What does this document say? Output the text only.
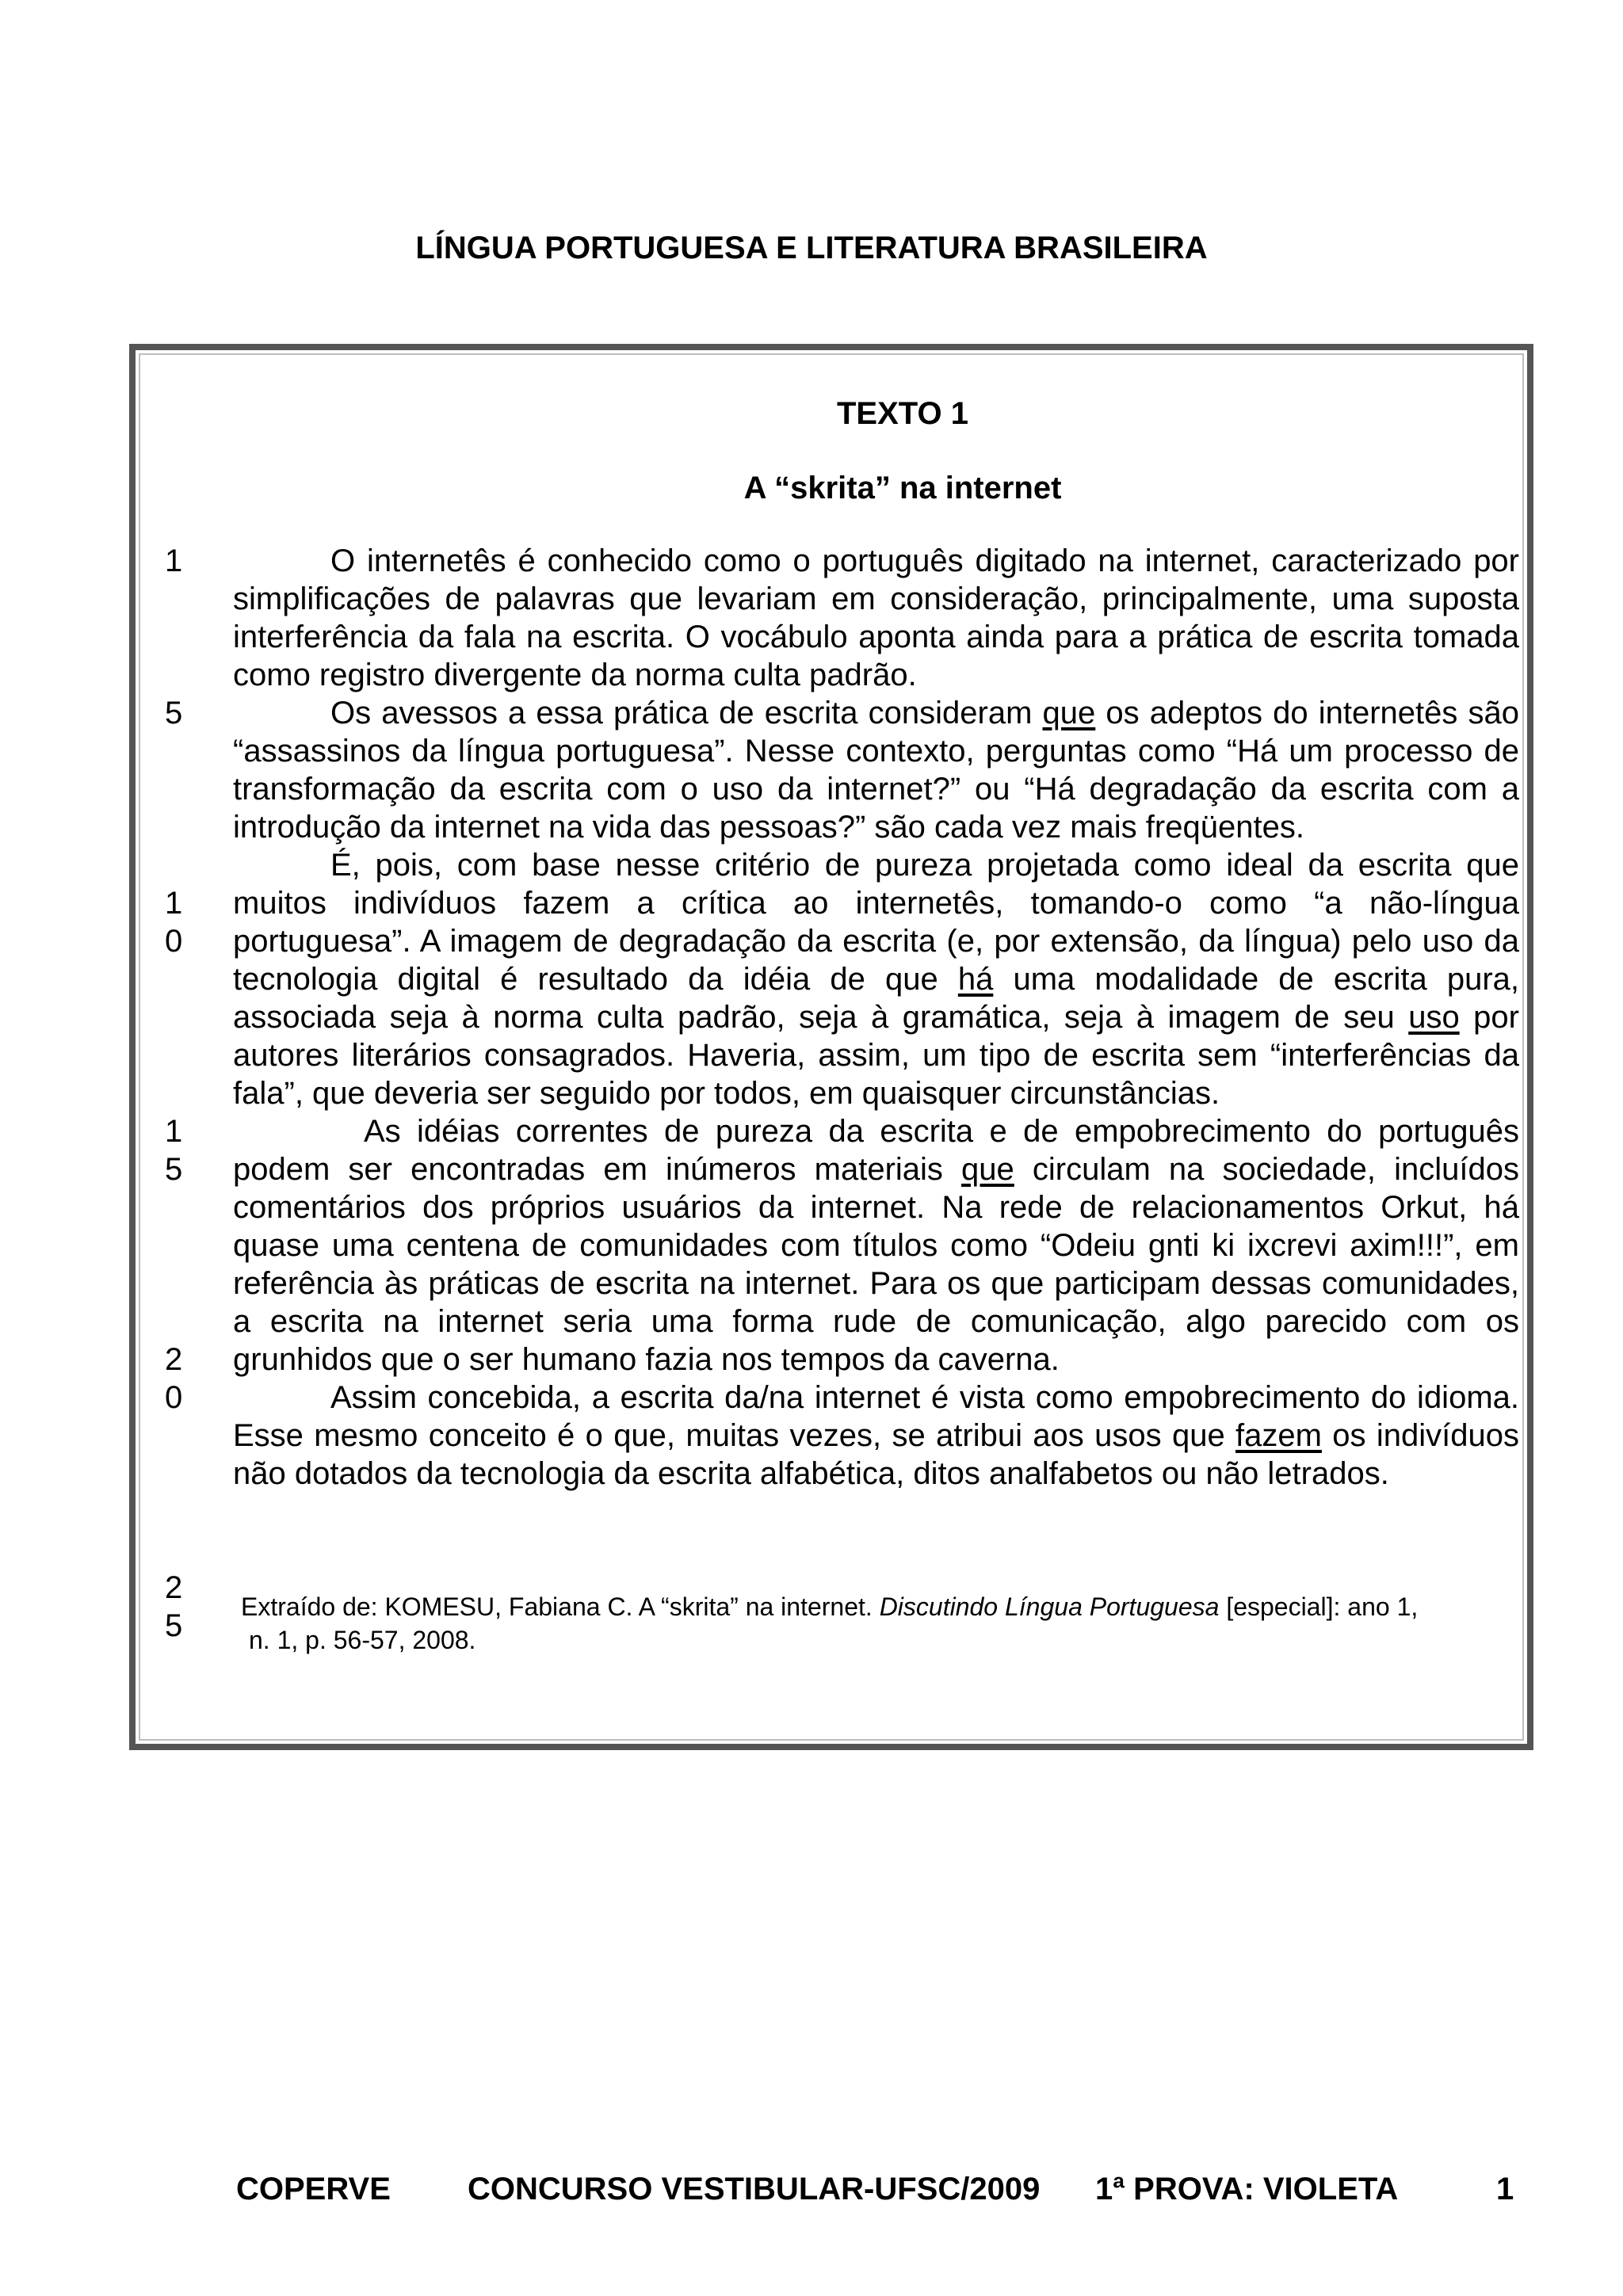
LÍNGUA PORTUGUESA E LITERATURA BRASILEIRA
TEXTO 1
A “skrita” na internet
1
5
1
0
1
5
2
0
2
5

O internetês é conhecido como o português digitado na internet, caracterizado por simplificações de palavras que levariam em consideração, principalmente, uma suposta interferência da fala na escrita. O vocábulo aponta ainda para a prática de escrita tomada como registro divergente da norma culta padrão.

Os avessos a essa prática de escrita consideram que os adeptos do internetês são “assassinos da língua portuguesa”. Nesse contexto, perguntas como “Há um processo de transformação da escrita com o uso da internet?” ou “Há degradação da escrita com a introdução da internet na vida das pessoas?” são cada vez mais freqüentes.

É, pois, com base nesse critério de pureza projetada como ideal da escrita que muitos indivíduos fazem a crítica ao internetês, tomando-o como “a não-língua portuguesa”. A imagem de degradação da escrita (e, por extensão, da língua) pelo uso da tecnologia digital é resultado da idéia de que há uma modalidade de escrita pura, associada seja à norma culta padrão, seja à gramática, seja à imagem de seu uso por autores literários consagrados. Haveria, assim, um tipo de escrita sem “interferências da fala”, que deveria ser seguido por todos, em quaisquer circunstâncias.

As idéias correntes de pureza da escrita e de empobrecimento do português podem ser encontradas em inúmeros materiais que circulam na sociedade, incluídos comentários dos próprios usuários da internet. Na rede de relacionamentos Orkut, há quase uma centena de comunidades com títulos como “Odeiu gnti ki ixcrevi axim!!!”, em referência às práticas de escrita na internet. Para os que participam dessas comunidades, a escrita na internet seria uma forma rude de comunicação, algo parecido com os grunhidos que o ser humano fazia nos tempos da caverna.

Assim concebida, a escrita da/na internet é vista como empobrecimento do idioma. Esse mesmo conceito é o que, muitas vezes, se atribui aos usos que fazem os indivíduos não dotados da tecnologia da escrita alfabética, ditos analfabetos ou não letrados.

Extraído de: KOMESU, Fabiana C. A “skrita” na internet. Discutindo Língua Portuguesa [especial]: ano 1,
n. 1, p. 56-57, 2008.
COPERVE CONCURSO VESTIBULAR-UFSC/2009 1ª PROVA: VIOLETA	1
